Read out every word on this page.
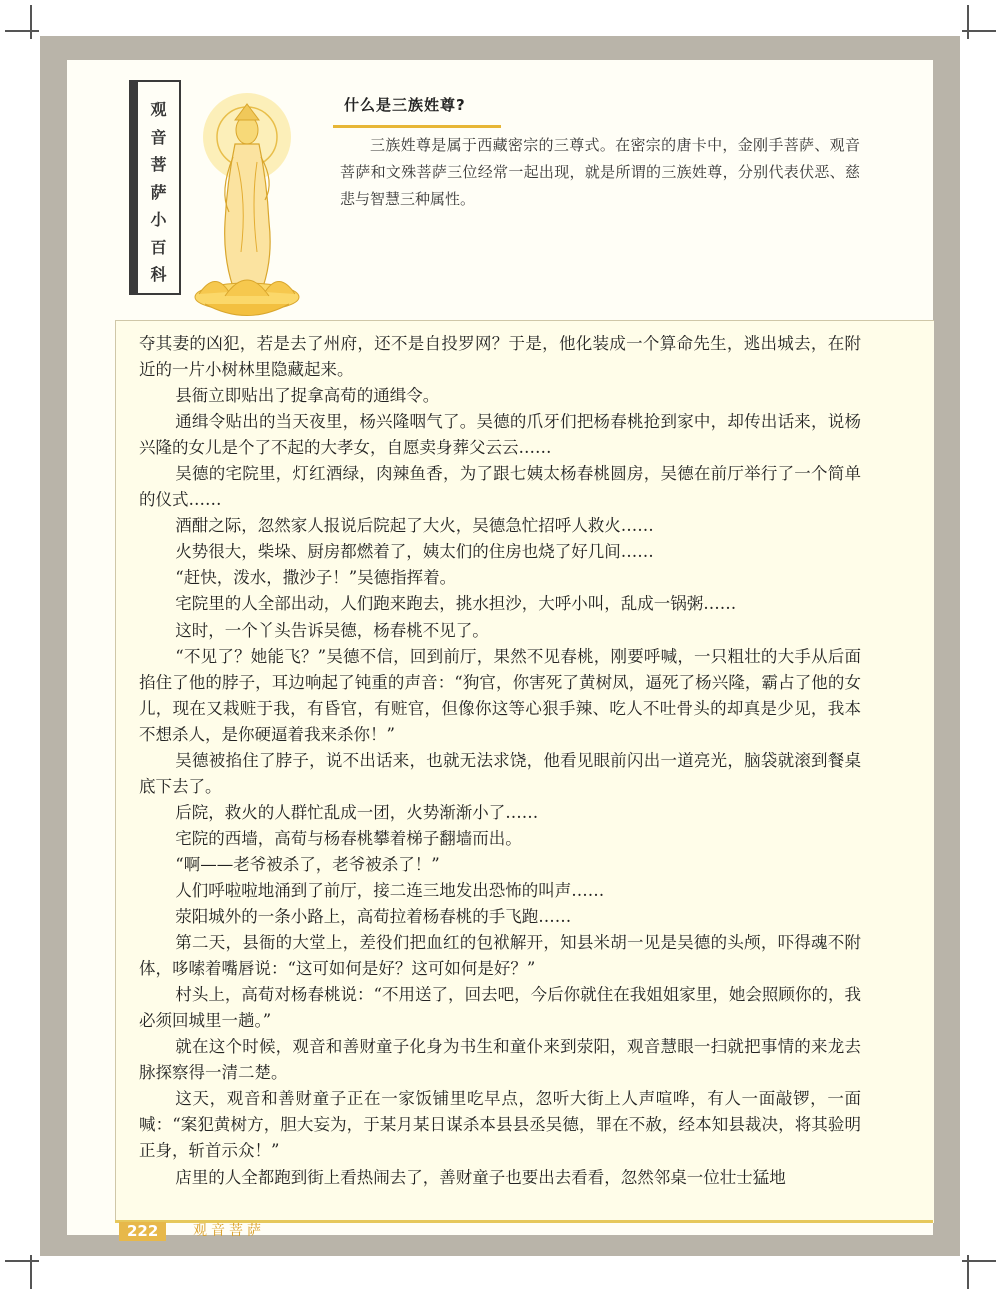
观
音
菩
萨
小
百
科
什么是三族姓尊?

三族姓尊是属于西藏密宗的三尊式。在密宗的唐卡中，金刚手菩萨、观音菩萨和文殊菩萨三位经常一起出现，就是所谓的三族姓尊，分别代表伏恶、慈悲与智慧三种属性。

夺其妻的凶犯，若是去了州府，还不是自投罗网？于是，他化装成一个算命先生，逃出城去，在附近的一片小树林里隐藏起来。

县衙立即贴出了捉拿高荀的通缉令。

通缉令贴出的当天夜里，杨兴隆咽气了。吴德的爪牙们把杨春桃抢到家中，却传出话来，说杨兴隆的女儿是个了不起的大孝女，自愿卖身葬父云云……

吴德的宅院里，灯红酒绿，肉辣鱼香，为了跟七姨太杨春桃圆房，吴德在前厅举行了一个简单的仪式……

酒酣之际，忽然家人报说后院起了大火，吴德急忙招呼人救火……

火势很大，柴垛、厨房都燃着了，姨太们的住房也烧了好几间……

“赶快，泼水，撒沙子！”吴德指挥着。

宅院里的人全部出动，人们跑来跑去，挑水担沙，大呼小叫，乱成一锅粥……

这时，一个丫头告诉吴德，杨春桃不见了。

“不见了？她能飞？”吴德不信，回到前厅，果然不见春桃，刚要呼喊，一只粗壮的大手从后面掐住了他的脖子，耳边响起了钝重的声音：“狗官，你害死了黄树凤，逼死了杨兴隆，霸占了他的女儿，现在又栽赃于我，有昏官，有赃官，但像你这等心狠手辣、吃人不吐骨头的却真是少见，我本不想杀人，是你硬逼着我来杀你！”

吴德被掐住了脖子，说不出话来，也就无法求饶，他看见眼前闪出一道亮光，脑袋就滚到餐桌底下去了。

后院，救火的人群忙乱成一团，火势渐渐小了……

宅院的西墙，高荀与杨春桃攀着梯子翻墙而出。

“啊——老爷被杀了，老爷被杀了！”

人们呼啦啦地涌到了前厅，接二连三地发出恐怖的叫声……

荥阳城外的一条小路上，高荀拉着杨春桃的手飞跑……

第二天，县衙的大堂上，差役们把血红的包袱解开，知县米胡一见是吴德的头颅，吓得魂不附体，哆嗦着嘴唇说：“这可如何是好？这可如何是好？”

村头上，高荀对杨春桃说：“不用送了，回去吧，今后你就住在我姐姐家里，她会照顾你的，我必须回城里一趟。”

就在这个时候，观音和善财童子化身为书生和童仆来到荥阳，观音慧眼一扫就把事情的来龙去脉探察得一清二楚。

这天，观音和善财童子正在一家饭铺里吃早点，忽听大街上人声喧哗，有人一面敲锣，一面喊：“案犯黄树方，胆大妄为，于某月某日谋杀本县县丞吴德，罪在不赦，经本知县裁决，将其验明正身，斩首示众！”

店里的人全都跑到街上看热闹去了，善财童子也要出去看看，忽然邻桌一位壮士猛地

222	观音菩萨
